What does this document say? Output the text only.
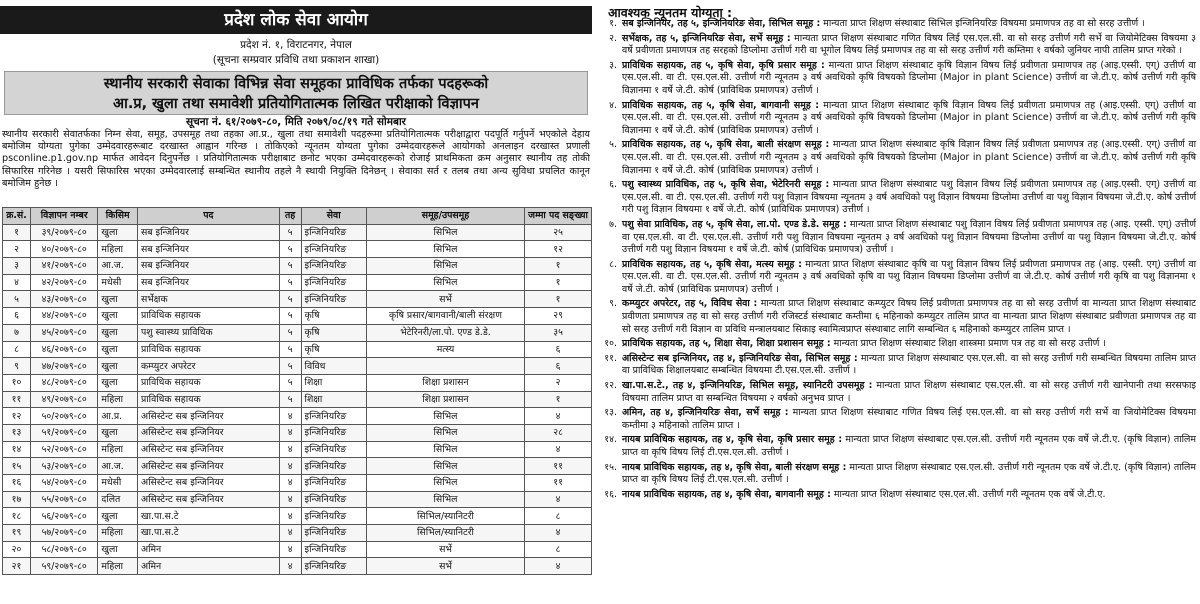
प्रदेश लोक सेवा आयोग
प्रदेश नं. १, विराटनगर, नेपाल
(सूचना सम्प्रवार प्रविधि तथा प्रकाशन शाखा)
स्थानीय सरकारी सेवाका विभिन्न सेवा समूहका प्राविधिक तर्फका पदहरूको
आ.प्र, खुला तथा समावेशी प्रतियोगितात्मक लिखित परीक्षाको विज्ञापन
सूचना नं. ६१/२०७९-८०, मिति २०७९/०८/१९ गते सोमबार
स्थानीय सरकारी सेवातर्फका निम्न सेवा, समूह, उपसमूह तथा तहका आ.प्र., खुला तथा समावेशी पदहरूमा प्रतियोगितात्मक परीक्षाद्वारा पदपूर्ति गर्नुपर्ने भएकोले देहाय बमोजिम योग्यता पुगेका उम्मेदवारहरूबाट दरखास्त आह्वान गरिन्छ । तोकिएको न्यूनतम योग्यता पुगेका उम्मेदवारहरूले आयोगको अनलाइन दरखास्त प्रणाली psconline.p1.gov.np मार्फत आवेदन दिनुपर्नेछ । प्रतियोगितात्मक परीक्षाबाट छनोट भएका उम्मेदवारहरूको रोजाई प्राथमिकता क्रम अनुसार स्थानीय तह तोकी सिफारिस गरिनेछ । यसरी सिफारिस भएका उम्मेदवारलाई सम्बन्धित स्थानीय तहले नै स्थायी नियुक्ति दिनेछन् । सेवाका सर्त र तलब तथा अन्य सुविधा प्रचलित कानून बमोजिम हुनेछ ।
क्र.सं.	विज्ञापन नम्बर	किसिम	पद	तह	सेवा	समूह/उपसमूह	जम्मा पद सङ्ख्या
१	३९/२०७९-८०	खुला	सब इन्जिनियर	५	इन्जिनियरिङ	सिभिल	२५
२	४०/२०७९-८०	महिला	सब इन्जिनियर	५	इन्जिनियरिङ	सिभिल	१२
३	४१/२०७९-८०	आ.ज.	सब इन्जिनियर	५	इन्जिनियरिङ	सिभिल	१
४	४२/२०७९-८०	मधेसी	सब इन्जिनियर	५	इन्जिनियरिङ	सिभिल	१
५	४३/२०७९-८०	खुला	सर्भेक्षक	५	इन्जिनियरिङ	सर्भे	१
६	४४/२०७९-८०	खुला	प्राविधिक सहायक	५	कृषि	कृषि प्रसार/बागवानी/बाली संरक्षण	२९
७	४५/२०७९-८०	खुला	पशु स्वास्थ्य प्राविधिक	५	कृषि	भेटेरिनरी/ला.पो. एण्ड डे.डे.	३५
८	४६/२०७९-८०	खुला	प्राविधिक सहायक	५	कृषि	मत्स्य	६
९	४७/२०७९-८०	खुला	कम्प्युटर अपरेटर	५	विविध		६
१०	४८/२०७९-८०	खुला	प्राविधिक सहायक	५	शिक्षा	शिक्षा प्रशासन	२
११	४९/२०७९-८०	महिला	प्राविधिक सहायक	५	शिक्षा	शिक्षा प्रशासन	१
१२	५०/२०७९-८०	आ.प्र.	असिस्टेन्ट सब इन्जिनियर	४	इन्जिनियरिङ	सिभिल	४
१३	५१/२०७९-८०	खुला	असिस्टेन्ट सब इन्जिनियर	४	इन्जिनियरिङ	सिभिल	२८
१४	५२/२०७९-८०	महिला	असिस्टेन्ट सब इन्जिनियर	४	इन्जिनियरिङ	सिभिल	४
१५	५३/२०७९-८०	आ.ज.	असिस्टेन्ट सब इन्जिनियर	४	इन्जिनियरिङ	सिभिल	११
१६	५४/२०७९-८०	मधेसी	असिस्टेन्ट सब इन्जिनियर	४	इन्जिनियरिङ	सिभिल	११
१७	५५/२०७९-८०	दलित	असिस्टेन्ट सब इन्जिनियर	४	इन्जिनियरिङ	सिभिल	४
१८	५६/२०७९-८०	खुला	खा.पा.स.टे	४	इन्जिनियरिङ	सिभिल/स्यानिटरी	८
१९	५७/२०७९-८०	महिला	खा.पा.स.टे	४	इन्जिनियरिङ	सिभिल/स्यानिटरी	४
२०	५८/२०७९-८०	खुला	अमिन	४	इन्जिनियरिङ	सर्भे	८
२१	५९/२०७९-८०	महिला	अमिन	४	इन्जिनियरिङ	सर्भे	४
आवश्यक न्यूनतम योग्यता :
१. सब इन्जिनियर, तह ५, इन्जिनियरिङ सेवा, सिभिल समूह : मान्यता प्राप्त शिक्षण संस्थाबाट सिभिल इन्जिनियरिङ विषयमा प्रमाणपत्र तह वा सो सरह उत्तीर्ण ।
२. सर्भेक्षक, तह ५, इन्जिनियरिङ सेवा, सर्भे समूह : मान्यता प्राप्त शिक्षण संस्थाबाट गणित विषय लिई एस.एल.सी. वा सो सरह उत्तीर्ण गरी सर्भे वा जियोमेटिक्स विषयमा ३ वर्षे प्रवीणता प्रमाणपत्र तह सरहको डिप्लोमा उत्तीर्ण गरी वा भूगोल विषय लिई प्रमाणपत्र तह वा सो सरह उत्तीर्ण गरी कम्तिमा १ वर्षको जुनियर नापी तालिम प्राप्त गरेको ।
३. प्राविधिक सहायक, तह ५, कृषि सेवा, कृषि प्रसार समूह : मान्यता प्राप्त शिक्षण संस्थाबाट कृषि विज्ञान विषय लिई प्रवीणता प्रमाणपत्र तह (आइ.एस्सी. एग्) उत्तीर्ण वा एस.एल.सी. वा टी. एस.एल.सी. उत्तीर्ण गरी न्यूनतम ३ वर्ष अवधिको कृषि विषयको डिप्लोमा (Major in plant Science) उत्तीर्ण वा जे.टी.ए. कोर्ष उत्तीर्ण गरी कृषि विज्ञानमा १ वर्षे जे.टी. कोर्ष (प्राविधिक प्रमाणपत्र) उत्तीर्ण ।
४. प्राविधिक सहायक, तह ५, कृषि सेवा, बागवानी समूह : मान्यता प्राप्त शिक्षण संस्थाबाट कृषि विज्ञान विषय लिई प्रवीणता प्रमाणपत्र तह (आइ.एस्सी. एग्) उत्तीर्ण वा एस.एल.सी. वा टी. एस.एल.सी. उत्तीर्ण गरी न्यूनतम ३ वर्ष अवधिको कृषि विषयको डिप्लोमा (Major in plant Science) उत्तीर्ण वा जे.टी.ए. कोर्ष उत्तीर्ण गरी कृषि विज्ञानमा १ वर्षे जे.टी. कोर्ष (प्राविधिक प्रमाणपत्र) उत्तीर्ण ।
५. प्राविधिक सहायक, तह ५, कृषि सेवा, बाली संरक्षण समूह : मान्यता प्राप्त शिक्षण संस्थाबाट कृषि विज्ञान विषय लिई प्रवीणता प्रमाणपत्र तह (आइ.एस्सी. एग्) उत्तीर्ण वा एस.एल.सी. वा टी. एस.एल.सी. उत्तीर्ण गरी न्यूनतम ३ वर्ष अवधिको कृषि विषयको डिप्लोमा (Major in plant Science) उत्तीर्ण वा जे.टी.ए. कोर्ष उत्तीर्ण गरी कृषि विज्ञानमा १ वर्षे जे.टी. कोर्ष (प्राविधिक प्रमाणपत्र) उत्तीर्ण ।
६. पशु स्वास्थ्य प्राविधिक, तह ५, कृषि सेवा, भेटेरिनरी समूह : मान्यता प्राप्त शिक्षण संस्थाबाट पशु विज्ञान विषय लिई प्रवीणता प्रमाणपत्र तह (आइ.एस्सी. एग्) उत्तीर्ण वा एस.एल.सी. वा टी. एस.एल.सी. उत्तीर्ण गरी पशु विज्ञान विषयमा न्यूनतम ३ वर्ष अवधिको पशु विज्ञान विषयमा डिप्लोमा उत्तीर्ण वा पशु विज्ञान विषयमा जे.टी.ए. कोर्ष उत्तीर्ण गरी पशु विज्ञान विषयमा १ वर्षे जे.टी. कोर्ष (प्राविधिक प्रमाणपत्र) उत्तीर्ण ।
७. पशु सेवा प्राविधिक, तह ५, कृषि सेवा, ला.पो. एण्ड डे.डे. समूह : मान्यता प्राप्त शिक्षण संस्थाबाट पशु विज्ञान विषय लिई प्रवीणता प्रमाणपत्र तह (आइ. एस्सी. एग्) उत्तीर्ण वा एस.एल.सी. वा टी. एस.एल.सी. उत्तीर्ण गरी पशु विज्ञान विषयमा न्यूनतम ३ वर्ष अवधिको पशु विज्ञान विषयमा डिप्लोमा उत्तीर्ण वा पशु विज्ञान विषयमा जे.टी.ए. कोर्ष उत्तीर्ण गरी पशु विज्ञान विषयमा १ वर्षे जे.टी. कोर्ष (प्राविधिक प्रमाणपत्र) उत्तीर्ण ।
८. प्राविधिक सहायक, तह ५, कृषि सेवा, मत्स्य समूह : मान्यता प्राप्त शिक्षण संस्थाबाट कृषि वा पशु विज्ञान विषय लिई प्रवीणता प्रमाणपत्र तह (आइ. एस्सी. एग्) उत्तीर्ण वा एस.एल.सी. वा टी. एस.एल.सी. उत्तीर्ण गरी न्यूनतम ३ वर्ष अवधिको कृषि वा पशु विज्ञान विषयमा डिप्लोमा उत्तीर्ण वा जे.टी.ए. कोर्ष उत्तीर्ण गरी कृषि वा पशु विज्ञानमा १ वर्षे जे.टी. कोर्ष (प्राविधिक प्रमाणपत्र) उत्तीर्ण ।
९. कम्प्युटर अपरेटर, तह ५, विविध सेवा : मान्यता प्राप्त शिक्षण संस्थाबाट कम्प्युटर विषय लिई प्रवीणता प्रमाणपत्र तह वा सो सरह उत्तीर्ण वा मान्यता प्राप्त शिक्षण संस्थाबाट प्रवीणता प्रमाणपत्र तह वा सो सरह उत्तीर्ण गरी रजिस्टर्ड संस्थाबाट कम्तीमा ६ महिनाको कम्प्युटर तालिम प्राप्त वा मान्यता प्राप्त शिक्षण संस्थाबाट प्रवीणता प्रमाणपत्र तह वा सो सरह उत्तीर्ण गरी विज्ञान वा प्रविधि मन्त्रालयबाट सिकाइ स्वामित्वप्राप्त संस्थाबाट लागि सम्बन्धित ६ महिनाको कम्प्युटर तालिम प्राप्त ।
१०. प्राविधिक सहायक, तह ५, शिक्षा सेवा, शिक्षा प्रशासन समूह : मान्यता प्राप्त शिक्षण संस्थाबाट शिक्षा शास्त्रमा प्रमाण पत्र तह वा सो सरह उत्तीर्ण ।
११. असिस्टेन्ट सब इन्जिनियर, तह ४, इन्जिनियरिङ सेवा, सिभिल समूह : मान्यता प्राप्त शिक्षण संस्थाबाट एस.एल.सी. वा सो सरह उत्तीर्ण गरी सम्बन्धित विषयमा तालिम प्राप्त वा प्राविधिक शिक्षालयबाट सम्बन्धित विषयमा टी.एस.एल.सी. उत्तीर्ण ।
१२. खा.पा.स.टे., तह ४, इन्जिनियरिङ, सिभिल समूह, स्यानिटरी उपसमूह : मान्यता प्राप्त शिक्षण संस्थाबाट एस.एल.सी. वा सो सरह उत्तीर्ण गरी खानेपानी तथा सरसफाइ विषयमा तालिम प्राप्त वा सम्बन्धित विषयमा २ वर्षको अनुभव प्राप्त ।
१३. अमिन, तह ४, इन्जिनियरिङ सेवा, सर्भे समूह : मान्यता प्राप्त शिक्षण संस्थाबाट गणित विषय लिई एस.एल.सी. वा सो सरह उत्तीर्ण गरी सर्भे वा जियोमेटिक्स विषयमा कम्तीमा ३ महिनाको तालिम प्राप्त ।
१४. नायब प्राविधिक सहायक, तह ४, कृषि सेवा, कृषि प्रसार समूह : मान्यता प्राप्त शिक्षण संस्थाबाट एस.एल.सी. उत्तीर्ण गरी न्यूनतम एक वर्षे जे.टी.ए. (कृषि विज्ञान) तालिम प्राप्त वा कृषि विषय लिई टी.एस.एल.सी. उत्तीर्ण ।
१५. नायब प्राविधिक सहायक, तह ४, कृषि सेवा, बाली संरक्षण समूह : मान्यता प्राप्त शिक्षण संस्थाबाट एस.एल.सी. उत्तीर्ण गरी न्यूनतम एक वर्षे जे.टी.ए. (कृषि विज्ञान) तालिम प्राप्त वा कृषि विषय लिई टी.एस.एल.सी. उत्तीर्ण ।
१६. नायब प्राविधिक सहायक, तह ४, कृषि सेवा, बागवानी समूह : मान्यता प्राप्त शिक्षण संस्थाबाट एस.एल.सी. उत्तीर्ण गरी न्यूनतम एक वर्षे जे.टी.ए.
